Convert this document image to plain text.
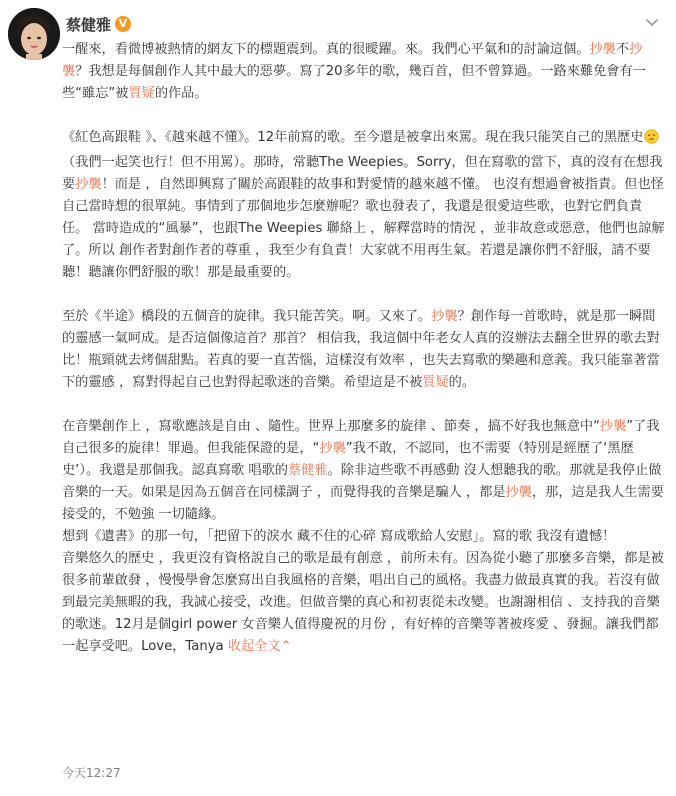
蔡健雅 V

一醒來，看微博被熱情的網友下的標題震到。真的很曖躍。來。我們心平氣和的討論這個。抄襲不抄襲？我想是每個創作人其中最大的惡夢。寫了20多年的歌，幾百首，但不曾算過。一路來難免會有一些“雖忘”被質疑的作品。

《紅色高跟鞋 》、《越來越不懂》。12年前寫的歌。至今還是被拿出來罵。現在我只能笑自己的黑歷史（我們一起笑也行！但不用罵）。那時，常聽The Weepies。Sorry，但在寫歌的當下，真的沒有在想我要抄襲！而是 ，自然即興寫了關於高跟鞋的故事和對愛情的越來越不懂。 也沒有想過會被指責。但也怪自己當時想的很單純。事情到了那個地步怎麼辦呢？歌也發表了，我還是很愛這些歌，也對它們負責任。 當時造成的“風暴”，也跟The Weepies 聯絡上 ，解釋當時的情況 ，並非故意或惡意，他們也諒解了。所以 創作者對創作者的尊重 ，我至少有負責！大家就不用再生氣。若還是讓你們不舒服，請不要聽！聽讓你們舒服的歌！那是最重要的。

至於《半途》橋段的五個音的旋律。我只能苦笑。啊。又來了。抄襲？創作每一首歌時，就是那一瞬間的靈感一氣呵成。是否這個像這首？那首？ 相信我，我這個中年老女人真的沒辦法去翻全世界的歌去對比！瓶頸就去烤個甜點。若真的要一直苦惱，這樣沒有效率 ，也失去寫歌的樂趣和意義。我只能靠著當下的靈感 ，寫對得起自己也對得起歌迷的音樂。希望這是不被質疑的。

在音樂創作上 ，寫歌應該是自由 、隨性。世界上那麼多的旋律 、節奏 ，搞不好我也無意中“抄襲”了我自己很多的旋律！罪過。但我能保證的是，“抄襲”我不敢，不認同，也不需要（特別是經歷了‘黑歷史’）。我還是那個我。認真寫歌 唱歌的蔡健雅。除非這些歌不再感動 沒人想聽我的歌。那就是我停止做音樂的一天。如果是因為五個音在同樣調子 ，而覺得我的音樂是騙人 ，都是抄襲，那，這是我人生需要接受的，不勉強 一切隨緣。

想到《遺書》的那一句，「把留下的淚水 藏不住的心碎 寫成歌給人安慰」。寫的歌 我沒有遺憾！

音樂悠久的歷史 ，我更沒有資格說自己的歌是最有創意 ，前所未有。因為從小聽了那麼多音樂，都是被很多前輩啟發 ，慢慢學會怎麼寫出自我風格的音樂，唱出自己的風格。我盡力做最真實的我。若沒有做到最完美無暇的我，我誠心接受，改進。但做音樂的真心和初衷從未改變。也謝謝相信 、支持我的音樂的歌迷。12月是個girl power 女音樂人值得慶祝的月份 ，有好棒的音樂等著被疼愛 、發掘。讓我們都一起享受吧。Love，Tanya 收起全文⌃

今天12:27
